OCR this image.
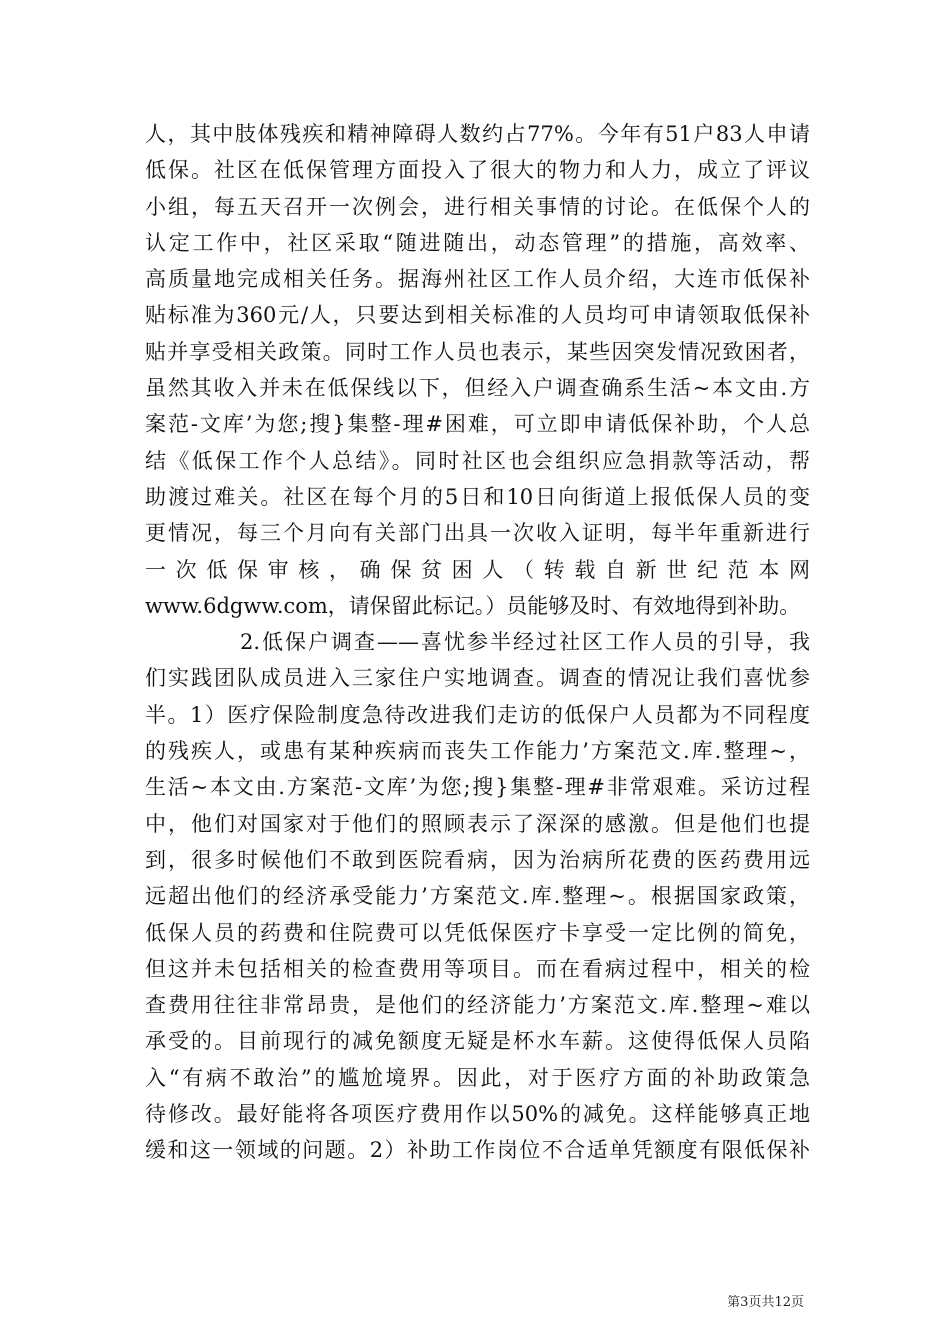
人，其中肢体残疾和精神障碍人数约占77%。今年有51户83人申请
低保。社区在低保管理方面投入了很大的物力和人力，成立了评议
小组，每五天召开一次例会，进行相关事情的讨论。在低保个人的
认定工作中，社区采取“随进随出，动态管理”的措施，高效率、
高质量地完成相关任务。据海州社区工作人员介绍，大连市低保补
贴标准为360元/人，只要达到相关标准的人员均可申请领取低保补
贴并享受相关政策。同时工作人员也表示，某些因突发情况致困者，
虽然其收入并未在低保线以下，但经入户调查确系生活~本文由.方
案范-文库’为您;搜}集整-理#困难，可立即申请低保补助，个人总
结《低保工作个人总结》。同时社区也会组织应急捐款等活动，帮
助渡过难关。社区在每个月的5日和10日向街道上报低保人员的变
更情况，每三个月向有关部门出具一次收入证明，每半年重新进行
一次低保审核，确保贫困人（转载自新世纪范本网
www.6dgww.com，请保留此标记。）员能够及时、有效地得到补助。
2.低保户调查——喜忧参半经过社区工作人员的引导，我
们实践团队成员进入三家住户实地调查。调查的情况让我们喜忧参
半。1）医疗保险制度急待改进我们走访的低保户人员都为不同程度
的残疾人，或患有某种疾病而丧失工作能力’方案范文.库.整理~，
生活~本文由.方案范-文库’为您;搜}集整-理#非常艰难。采访过程
中，他们对国家对于他们的照顾表示了深深的感激。但是他们也提
到，很多时候他们不敢到医院看病，因为治病所花费的医药费用远
远超出他们的经济承受能力’方案范文.库.整理~。根据国家政策，
低保人员的药费和住院费可以凭低保医疗卡享受一定比例的简免，
但这并未包括相关的检查费用等项目。而在看病过程中，相关的检
查费用往往非常昂贵，是他们的经济能力’方案范文.库.整理~难以
承受的。目前现行的减免额度无疑是杯水车薪。这使得低保人员陷
入“有病不敢治”的尴尬境界。因此，对于医疗方面的补助政策急
待修改。最好能将各项医疗费用作以50%的减免。这样能够真正地
缓和这一领域的问题。2）补助工作岗位不合适单凭额度有限低保补
第3页共12页
